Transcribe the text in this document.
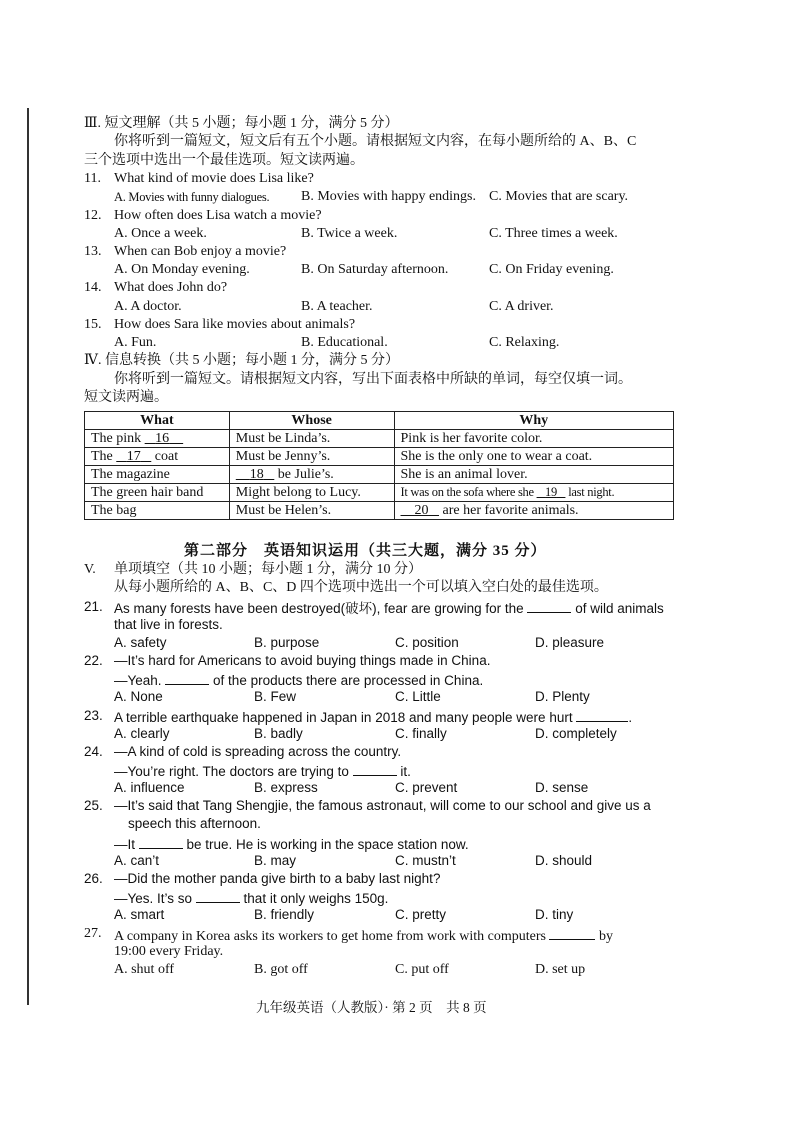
Ⅲ. 短文理解（共 5 小题；每小题 1 分，满分 5 分）
你将听到一篇短文，短文后有五个小题。请根据短文内容，在每小题所给的 A、B、C
三个选项中选出一个最佳选项。短文读两遍。
11. What kind of movie does Lisa like?
A. Movies with funny dialogues. B. Movies with happy endings. C. Movies that are scary.
12. How often does Lisa watch a movie?
A. Once a week.	B. Twice a week.	C. Three times a week.
13. When can Bob enjoy a movie?
A. On Monday evening.	B. On Saturday afternoon.	C. On Friday evening.
14. What does John do?
A. A doctor.	B. A teacher.	C. A driver.
15. How does Sara like movies about animals?
A. Fun.	B. Educational.	C. Relaxing.
Ⅳ. 信息转换（共 5 小题；每小题 1 分，满分 5 分）
你将听到一篇短文。请根据短文内容，写出下面表格中所缺的单词，每空仅填一词。
短文读两遍。
What	Whose	Why
The pink    16	Must be Linda’s.	Pink is her favorite color.
The    17    coat	Must be Jenny’s.	She is the only one to wear a coat.
The magazine	18    be Julie’s.	She is an animal lover.
The green hair band	Might belong to Lucy.	It was on the sofa where she    19    last night.
The bag	Must be Helen’s.	20    are her favorite animals.
第二部分　英语知识运用（共三大题，满分 35 分）
V. 单项填空（共 10 小题；每小题 1 分，满分 10 分）
从每小题所给的 A、B、C、D 四个选项中选出一个可以填入空白处的最佳选项。
21. As many forests have been destroyed(破坏), fear are growing for the	of wild animals
that live in forests.
A. safety	B. purpose	C. position	D. pleasure
22. —It’s hard for Americans to avoid buying things made in China.
—Yeah.	of the products there are processed in China.
A. None	B. Few	C. Little	D. Plenty
23. A terrible earthquake happened in Japan in 2018 and many people were hurt	.
A. clearly	B. badly	C. finally	D. completely
24. —A kind of cold is spreading across the country.
—You’re right. The doctors are trying to	it.
A. influence	B. express	C. prevent	D. sense
25. —It’s said that Tang Shengjie, the famous astronaut, will come to our school and give us a
speech this afternoon.
—It	be true. He is working in the space station now.
A. can’t	B. may	C. mustn’t	D. should
26. —Did the mother panda give birth to a baby last night?
—Yes. It’s so	that it only weighs 150g.
A. smart	B. friendly	C. pretty	D. tiny
27. A company in Korea asks its workers to get home from work with computers	by
19:00 every Friday.
A. shut off	B. got off	C. put off	D. set up
九年级英语（人教版）· 第 2 页　共 8 页
